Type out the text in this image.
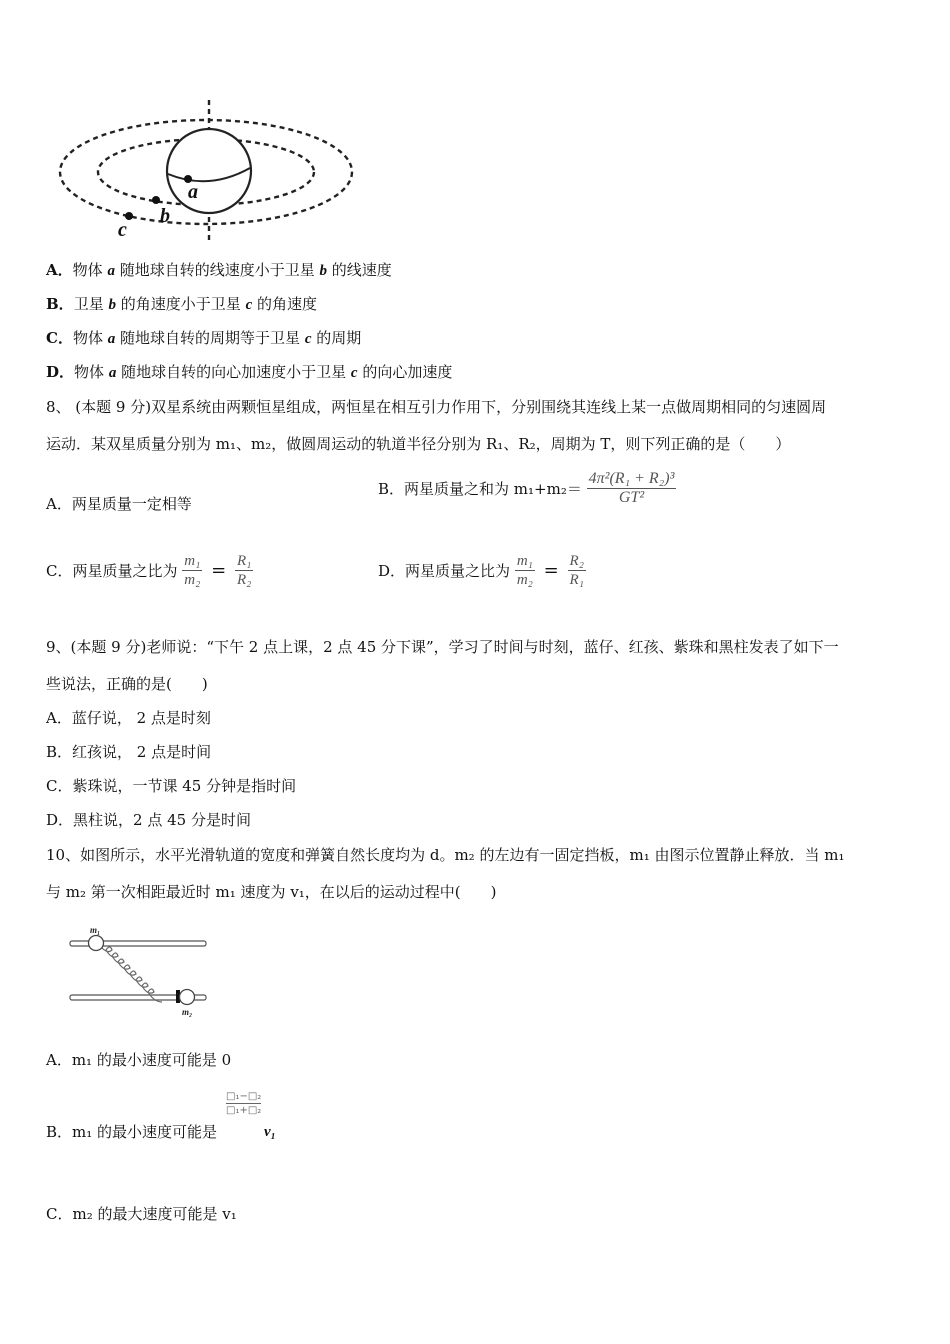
a
b
c
A．物体 a 随地球自转的线速度小于卫星 b 的线速度
B．卫星 b 的角速度小于卫星 c 的角速度
C．物体 a 随地球自转的周期等于卫星 c 的周期
D．物体 a 随地球自转的向心加速度小于卫星 c 的向心加速度
8、 (本题 9 分)双星系统由两颗恒星组成，两恒星在相互引力作用下，分别围绕其连线上某一点做周期相同的匀速圆周
运动．某双星质量分别为 m₁、m₂，做圆周运动的轨道半径分别为 R₁、R₂，周期为 T，则下列正确的是（　　）
A．两星质量一定相等
B．两星质量之和为 $m_1+m_2= \frac{\text{4π²(R₁ + R₂)³}}{\text{GT²}}$
C．两星质量之比为 $\frac{\text{m₁}}{\text{m₂}} = \frac{\text{R₁}}{\text{R₂}}$	D．两星质量之比为 $\frac{\text{m₁}}{\text{m₂}} = \frac{\text{R₂}}{\text{R₁}}$
9、(本题 9 分)老师说：“下午 2 点上课，2 点 45 分下课”，学习了时间与时刻，蓝仔、红孩、紫珠和黑柱发表了如下一
些说法，正确的是(　　)
A．蓝仔说， 2 点是时刻
B．红孩说， 2 点是时间
C．紫珠说，一节课 45 分钟是指时间
D．黑柱说，2 点 45 分是时间
10、如图所示，水平光滑轨道的宽度和弹簧自然长度均为 d。m₂ 的左边有一固定挡板，m₁ 由图示位置静止释放．当 m₁
与 m₂ 第一次相距最近时 m₁ 速度为 v₁，在以后的运动过程中(　　)
m₁
m₂
A．m₁ 的最小速度可能是 0
B．m₁ 的最小速度可能是
□₁−□₂
□₁+□₂
v₁
C．m₂ 的最大速度可能是 v₁
